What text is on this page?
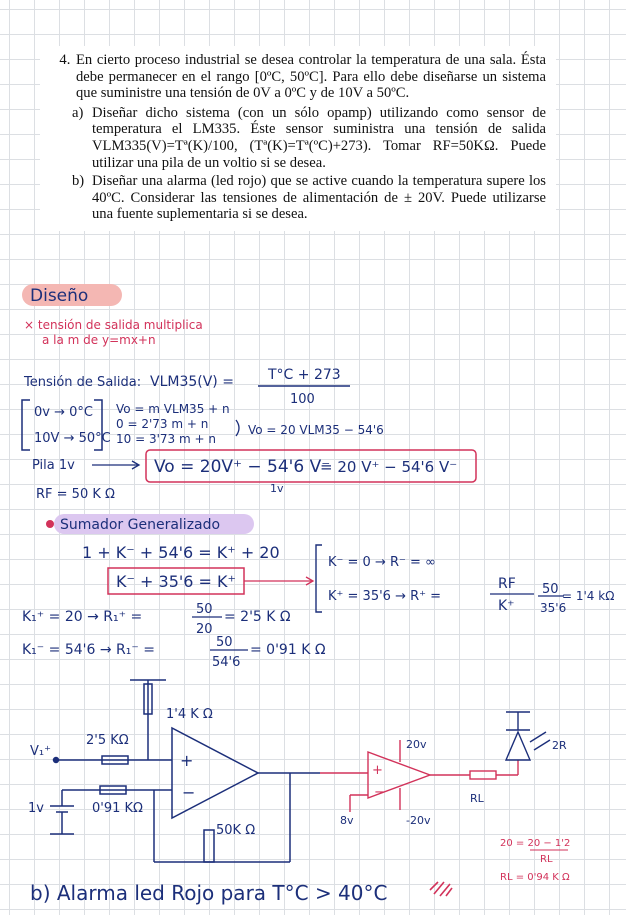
4. En cierto proceso industrial se desea controlar la temperatura de una sala. Ésta debe permanecer en el rango [0ºC, 50ºC]. Para ello debe diseñarse un sistema que suministre una tensión de 0V a 0ºC y de 10V a 50ºC.

a) Diseñar dicho sistema (con un sólo opamp) utilizando como sensor de temperatura el LM335. Éste sensor suministra una tensión de salida VLM335(V)=Tª(K)/100, (Tª(K)=Tª(ºC)+273). Tomar RF=50KΩ. Puede utilizar una pila de un voltio si se desea.

b) Diseñar una alarma (led rojo) que se active cuando la temperatura supere los 40ºC. Considerar las tensiones de alimentación de ± 20V. Puede utilizarse una fuente suplementaria si se desea.

Diseño
× tensión de salida multiplica
a la m de y=mx+n
Tensión de Salida: VLM35(V) = T°C + 273
100
0v → 0°C
10V → 50°C
Vo = m VLM35 + n
0 = 2'73 m + n
10 = 3'73 m + n
Vo = 20 VLM35 − 54'6
Pila 1v	Vo = 20V⁺ − 54'6 V⁻
1v
= 20 V⁺ − 54'6 V⁻
RF = 50 K Ω
Sumador Generalizado
1 + K⁻ + 54'6 = K⁺ + 20
K⁻ + 35'6 = K⁺
K⁻ = 0 → R⁻ = ∞
K⁺ = 35'6 → R⁺ =
RF
K⁺
50
35'6
= 1'4 kΩ
K₁⁺ = 20 → R₁⁺ =	50
20
= 2'5 K Ω
K₁⁻ = 54'6 → R₁⁻ =	50
54'6
= 0'91 K Ω
1'4 K Ω
2'5 KΩ
V₁⁺	+
−
1v	0'91 KΩ
50K Ω
20v
-20v
8v
+
−	RL
2R
20 = 20 − 1'2
RL
RL = 0'94 K Ω
b) Alarma led Rojo para T°C > 40°C
